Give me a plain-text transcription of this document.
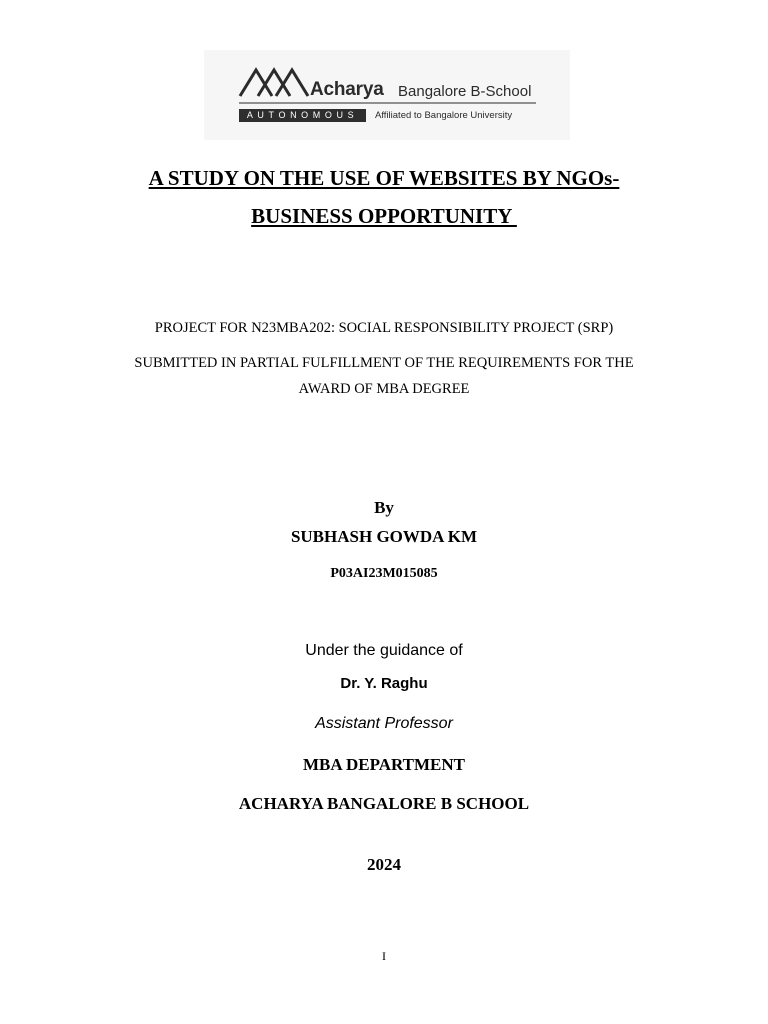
Acharya Bangalore B-School
AUTONOMOUS	Affiliated to Bangalore University
A STUDY ON THE USE OF WEBSITES BY NGOs-
BUSINESS OPPORTUNITY
PROJECT FOR N23MBA202: SOCIAL RESPONSIBILITY PROJECT (SRP)
SUBMITTED IN PARTIAL FULFILLMENT OF THE REQUIREMENTS FOR THE
AWARD OF MBA DEGREE
By
SUBHASH GOWDA KM
P03AI23M015085
Under the guidance of
Dr. Y. Raghu
Assistant Professor
MBA DEPARTMENT
ACHARYA BANGALORE B SCHOOL
2024
I
